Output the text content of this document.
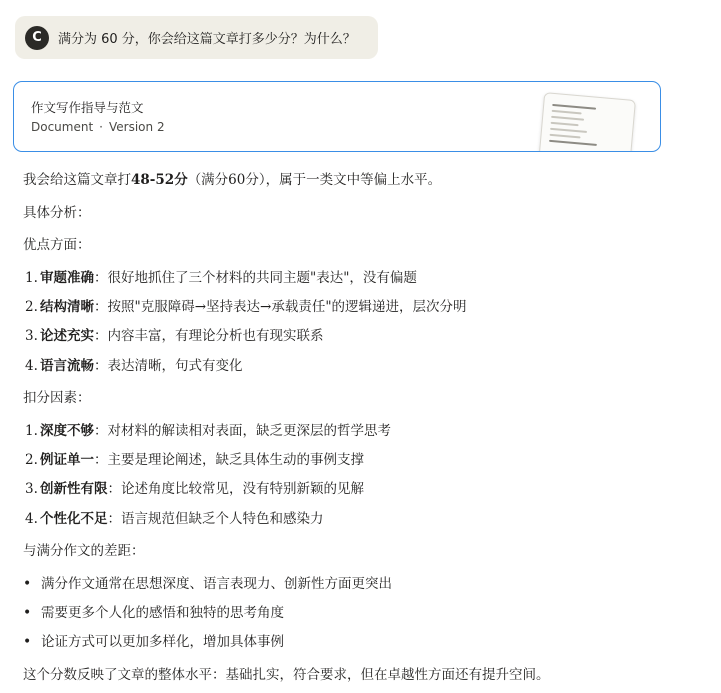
C	满分为 60 分，你会给这篇文章打多少分？为什么？
作文写作指导与范文
Document · Version 2
我会给这篇文章打48-52分（满分60分），属于一类文中等偏上水平。
具体分析：
优点方面：
1. 审题准确：很好地抓住了三个材料的共同主题"表达"，没有偏题
2. 结构清晰：按照"克服障碍→坚持表达→承载责任"的逻辑递进，层次分明
3. 论述充实：内容丰富，有理论分析也有现实联系
4. 语言流畅：表达清晰，句式有变化
扣分因素：
1. 深度不够：对材料的解读相对表面，缺乏更深层的哲学思考
2. 例证单一：主要是理论阐述，缺乏具体生动的事例支撑
3. 创新性有限：论述角度比较常见，没有特别新颖的见解
4. 个性化不足：语言规范但缺乏个人特色和感染力
与满分作文的差距：
• 满分作文通常在思想深度、语言表现力、创新性方面更突出
• 需要更多个人化的感悟和独特的思考角度
• 论证方式可以更加多样化，增加具体事例
这个分数反映了文章的整体水平：基础扎实，符合要求，但在卓越性方面还有提升空间。
